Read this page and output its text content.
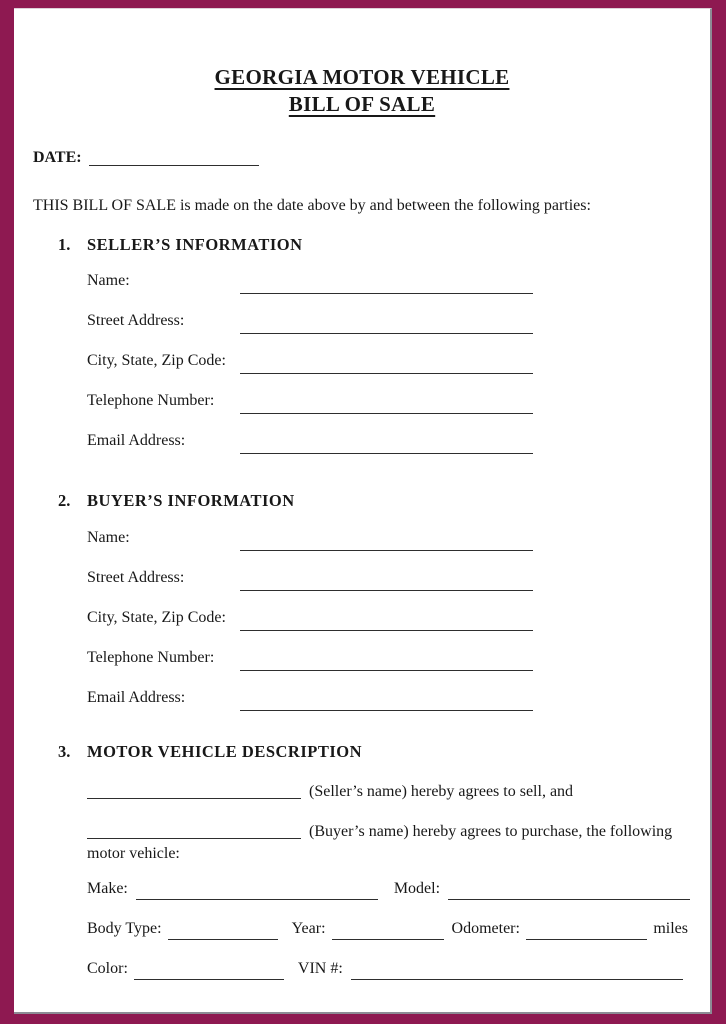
GEORGIA MOTOR VEHICLE
BILL OF SALE
DATE:
THIS BILL OF SALE is made on the date above by and between the following parties:
1.	SELLER’S INFORMATION
Name:
Street Address:
City, State, Zip Code:
Telephone Number:
Email Address:
2.	BUYER’S INFORMATION
Name:
Street Address:
City, State, Zip Code:
Telephone Number:
Email Address:
3.	MOTOR VEHICLE DESCRIPTION
(Seller’s name) hereby agrees to sell, and
(Buyer’s name) hereby agrees to purchase, the following
motor vehicle:
Make:	Model:
Body Type:	Year:	Odometer:	miles
Color:	VIN #:
